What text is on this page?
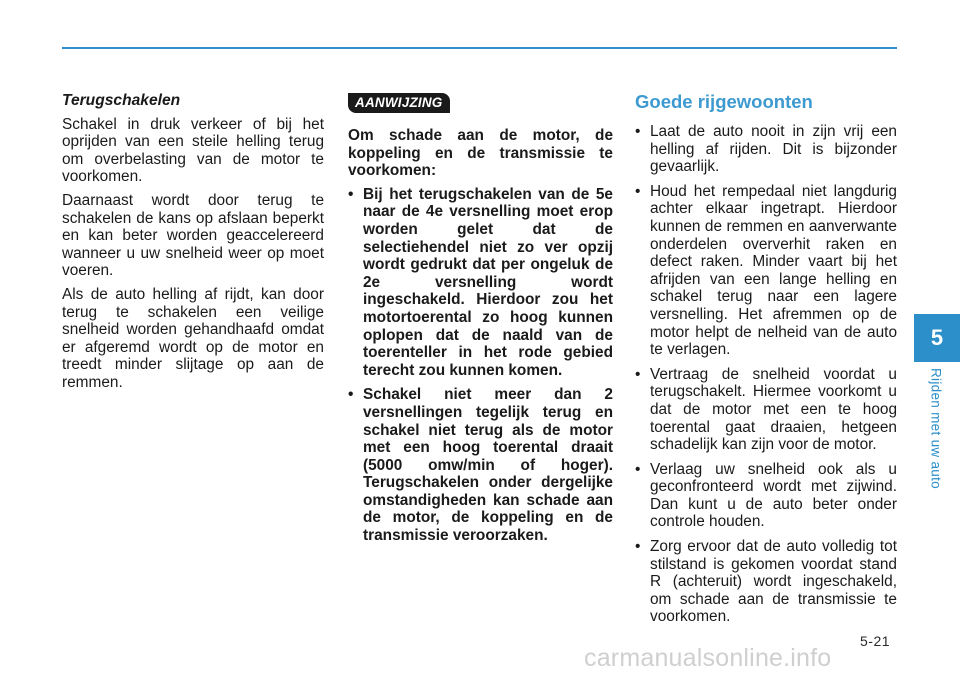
Terugschakelen

Schakel in druk verkeer of bij het oprijden van een steile helling terug om overbelasting van de motor te voorkomen.

Daarnaast wordt door terug te schakelen de kans op afslaan beperkt en kan beter worden geaccelereerd wanneer u uw snelheid weer op moet voeren.

Als de auto helling af rijdt, kan door terug te schakelen een veilige snelheid worden gehandhaafd omdat er afgeremd wordt op de motor en treedt minder slijtage op aan de remmen.

AANWIJZING

Om schade aan de motor, de koppeling en de transmissie te voorkomen:

• Bij het terugschakelen van de 5e naar de 4e versnelling moet erop worden gelet dat de selectiehendel niet zo ver opzij wordt gedrukt dat per ongeluk de 2e versnelling wordt ingeschakeld. Hierdoor zou het motortoerental zo hoog kunnen oplopen dat de naald van de toerenteller in het rode gebied terecht zou kunnen komen.
• Schakel niet meer dan 2 versnellingen tegelijk terug en schakel niet terug als de motor met een hoog toerental draait (5000 omw/min of hoger). Terugschakelen onder dergelijke omstandigheden kan schade aan de motor, de koppeling en de transmissie veroorzaken.

Goede rijgewoonten

• Laat de auto nooit in zijn vrij een helling af rijden. Dit is bijzonder gevaarlijk.
• Houd het rempedaal niet langdurig achter elkaar ingetrapt. Hierdoor kunnen de remmen en aanverwante onderdelen oververhit raken en defect raken. Minder vaart bij het afrijden van een lange helling en schakel terug naar een lagere versnelling. Het afremmen op de motor helpt de nelheid van de auto te verlagen.
• Vertraag de snelheid voordat u terugschakelt. Hiermee voorkomt u dat de motor met een te hoog toerental gaat draaien, hetgeen schadelijk kan zijn voor de motor.
• Verlaag uw snelheid ook als u geconfronteerd wordt met zijwind. Dan kunt u de auto beter onder controle houden.
• Zorg ervoor dat de auto volledig tot stilstand is gekomen voordat stand R (achteruit) wordt ingeschakeld, om schade aan de transmissie te voorkomen.
5
Rijden met uw auto
5-21
carmanualsonline.info
